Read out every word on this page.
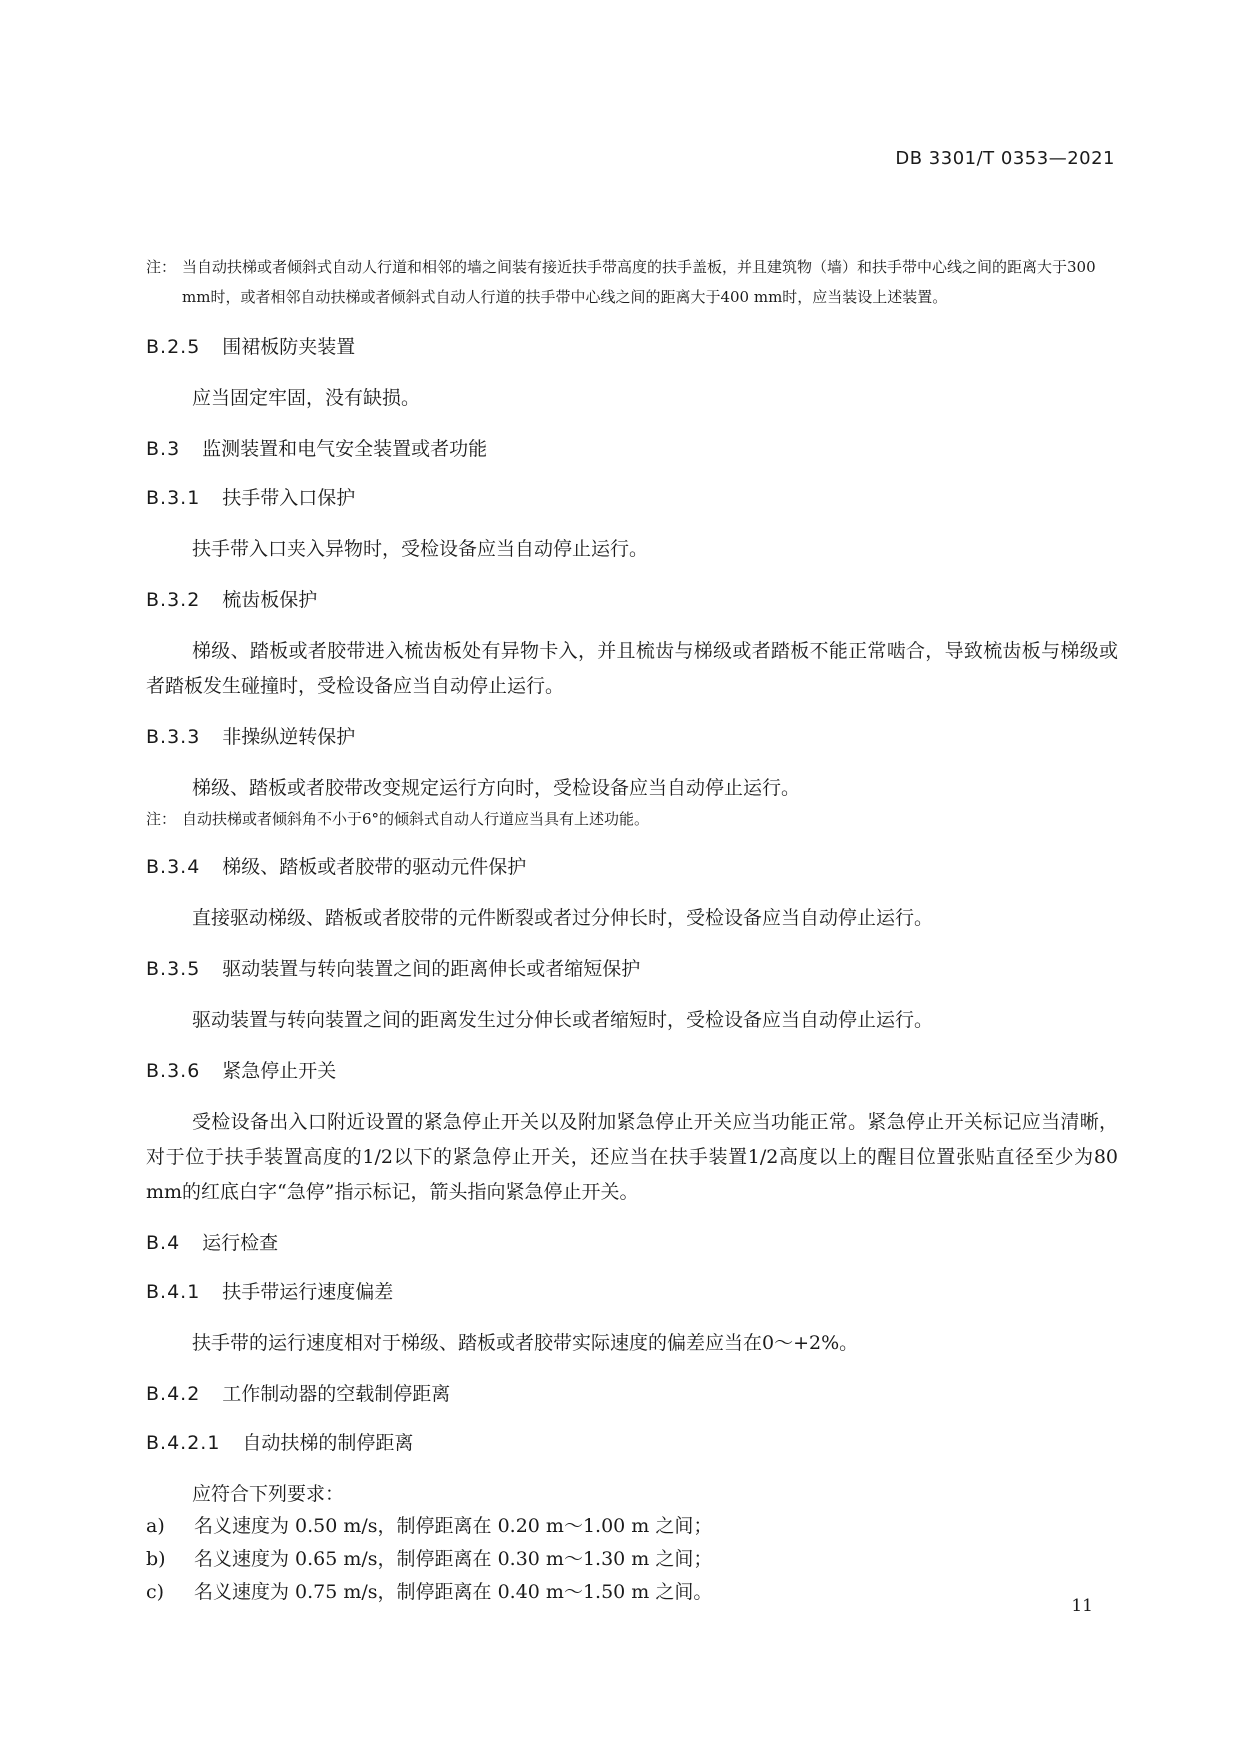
DB 3301/T 0353—2021
注： 当自动扶梯或者倾斜式自动人行道和相邻的墙之间装有接近扶手带高度的扶手盖板，并且建筑物（墙）和扶手带中心线之间的距离大于300 mm时，或者相邻自动扶梯或者倾斜式自动人行道的扶手带中心线之间的距离大于400 mm时，应当装设上述装置。
B.2.5 围裙板防夹装置

应当固定牢固，没有缺损。

B.3 监测装置和电气安全装置或者功能
B.3.1 扶手带入口保护

扶手带入口夹入异物时，受检设备应当自动停止运行。

B.3.2 梳齿板保护

梯级、踏板或者胶带进入梳齿板处有异物卡入，并且梳齿与梯级或者踏板不能正常啮合，导致梳齿板与梯级或者踏板发生碰撞时，受检设备应当自动停止运行。

B.3.3 非操纵逆转保护

梯级、踏板或者胶带改变规定运行方向时，受检设备应当自动停止运行。

注： 自动扶梯或者倾斜角不小于6°的倾斜式自动人行道应当具有上述功能。
B.3.4 梯级、踏板或者胶带的驱动元件保护

直接驱动梯级、踏板或者胶带的元件断裂或者过分伸长时，受检设备应当自动停止运行。

B.3.5 驱动装置与转向装置之间的距离伸长或者缩短保护

驱动装置与转向装置之间的距离发生过分伸长或者缩短时，受检设备应当自动停止运行。

B.3.6 紧急停止开关

受检设备出入口附近设置的紧急停止开关以及附加紧急停止开关应当功能正常。紧急停止开关标记应当清晰，对于位于扶手装置高度的1/2以下的紧急停止开关，还应当在扶手装置1/2高度以上的醒目位置张贴直径至少为80 mm的红底白字“急停”指示标记，箭头指向紧急停止开关。

B.4 运行检查
B.4.1 扶手带运行速度偏差

扶手带的运行速度相对于梯级、踏板或者胶带实际速度的偏差应当在0～+2%。

B.4.2 工作制动器的空载制停距离
B.4.2.1 自动扶梯的制停距离

应符合下列要求：

a)	名义速度为 0.50 m/s，制停距离在 0.20 m～1.00 m 之间；
b)	名义速度为 0.65 m/s，制停距离在 0.30 m～1.30 m 之间；
c)	名义速度为 0.75 m/s，制停距离在 0.40 m～1.50 m 之间。
11
